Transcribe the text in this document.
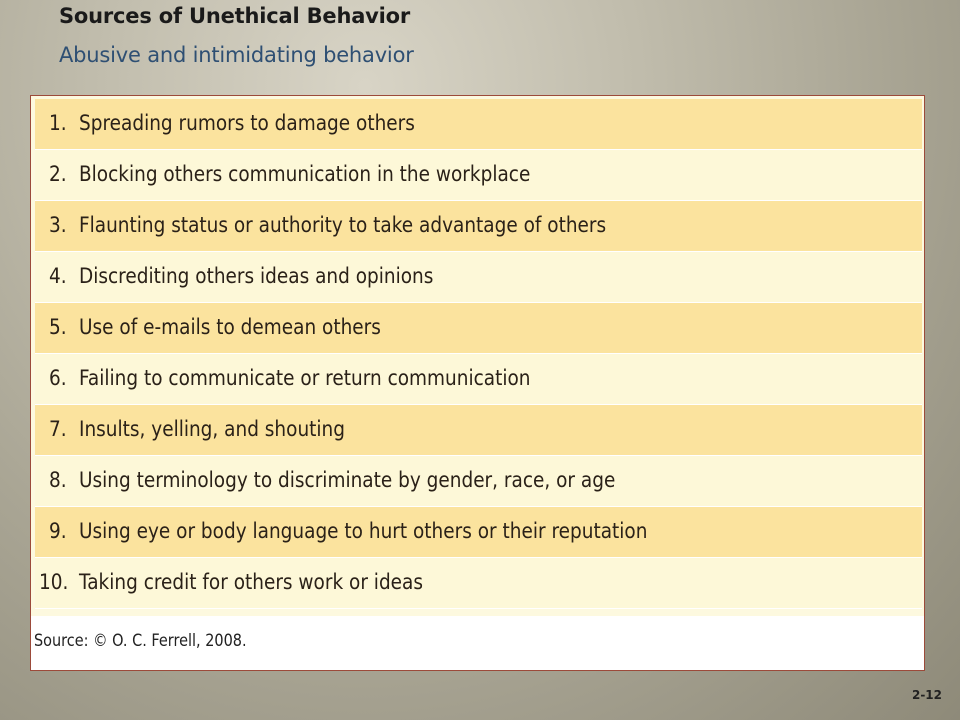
Sources of Unethical Behavior
Abusive and intimidating behavior
1. Spreading rumors to damage others
2. Blocking others communication in the workplace
3. Flaunting status or authority to take advantage of others
4. Discrediting others ideas and opinions
5. Use of e-mails to demean others
6. Failing to communicate or return communication
7. Insults, yelling, and shouting
8. Using terminology to discriminate by gender, race, or age
9. Using eye or body language to hurt others or their reputation
10. Taking credit for others work or ideas
Source: © O. C. Ferrell, 2008.
2-12
